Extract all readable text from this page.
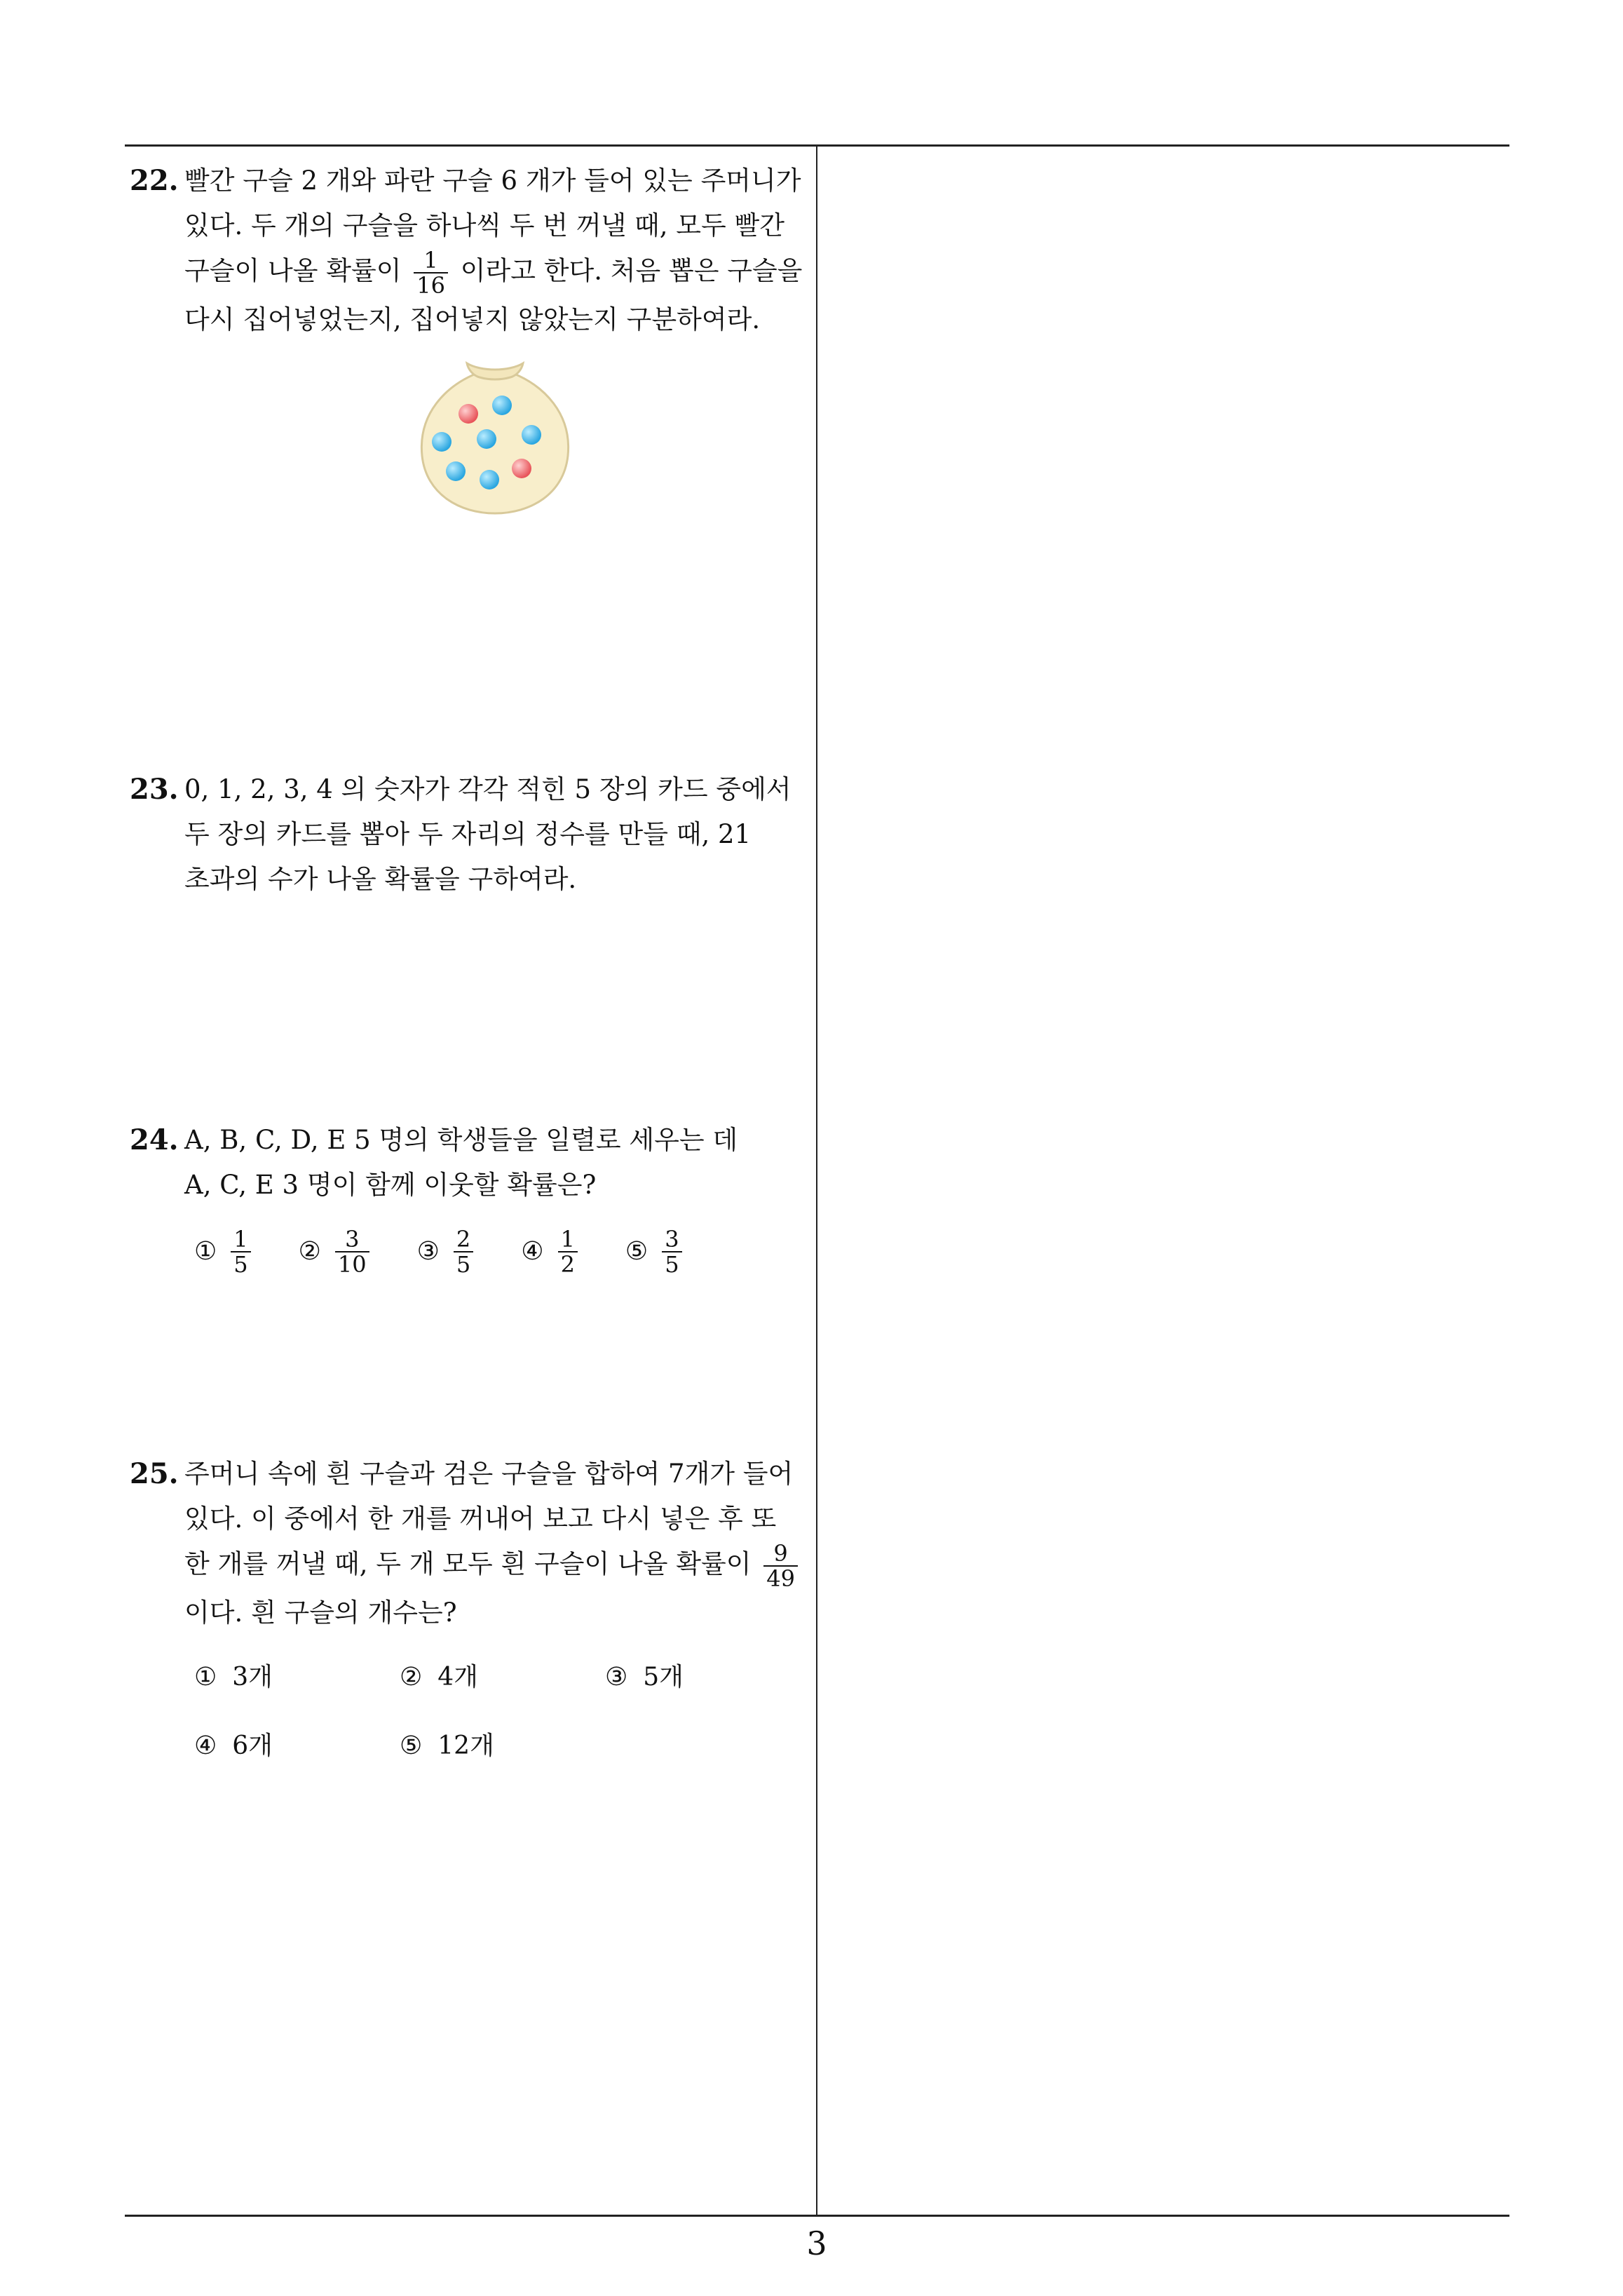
22. 빨간 구슬 2 개와 파란 구슬 6 개가 들어 있는 주머니가
있다. 두 개의 구슬을 하나씩 두 번 꺼낼 때, 모두 빨간
구슬이 나올 확률이 $\frac{1}{16}$ 이라고 한다. 처음 뽑은 구슬을
다시 집어넣었는지, 집어넣지 않았는지 구분하여라.
23. 0, 1, 2, 3, 4 의 숫자가 각각 적힌 5 장의 카드 중에서
두 장의 카드를 뽑아 두 자리의 정수를 만들 때, 21
초과의 수가 나올 확률을 구하여라.
24. A, B, C, D, E 5 명의 학생들을 일렬로 세우는 데
A, C, E 3 명이 함께 이웃할 확률은?
① $\frac{1}{5}$ ② $\frac{3}{10}$ ③ $\frac{2}{5}$ ④ $\frac{1}{2}$ ⑤ $\frac{3}{5}$
25. 주머니 속에 흰 구슬과 검은 구슬을 합하여 7개가 들어
있다. 이 중에서 한 개를 꺼내어 보고 다시 넣은 후 또
한 개를 꺼낼 때, 두 개 모두 흰 구슬이 나올 확률이 $\frac{9}{49}$
이다. 흰 구슬의 개수는?
① 3개	② 4개	③ 5개
④ 6개	⑤ 12개
3
